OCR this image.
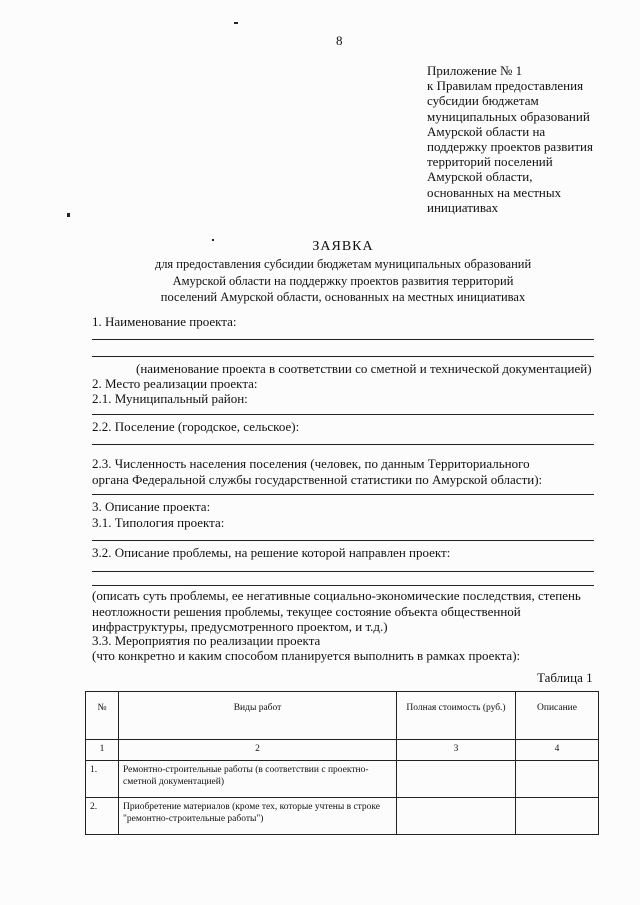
8
Приложение № 1
к Правилам предоставления
субсидии бюджетам
муниципальных образований
Амурской области на
поддержку проектов развития
территорий поселений
Амурской области,
основанных на местных
инициативах
ЗАЯВКА
для предоставления субсидии бюджетам муниципальных образований
Амурской области на поддержку проектов развития территорий
поселений Амурской области, основанных на местных инициативах
1. Наименование проекта:
(наименование проекта в соответствии со сметной и технической документацией)
2. Место реализации проекта:
2.1. Муниципальный район:
2.2. Поселение (городское, сельское):
2.3. Численность населения поселения (человек, по данным Территориального
органа Федеральной службы государственной статистики по Амурской области):
3. Описание проекта:
3.1. Типология проекта:
3.2. Описание проблемы, на решение которой направлен проект:
(описать суть проблемы, ее негативные социально-экономические последствия, степень
неотложности решения проблемы, текущее состояние объекта общественной
инфраструктуры, предусмотренного проектом, и т.д.)
3.3. Мероприятия по реализации проекта
(что конкретно и каким способом планируется выполнить в рамках проекта):
Таблица 1
№	Виды работ	Полная стоимость (руб.)	Описание
1	2	3	4
1.	Ремонтно-строительные работы (в соответствии с проектно-сметной документацией)		
2.	Приобретение материалов (кроме тех, которые учтены в строке "ремонтно-строительные работы")		
